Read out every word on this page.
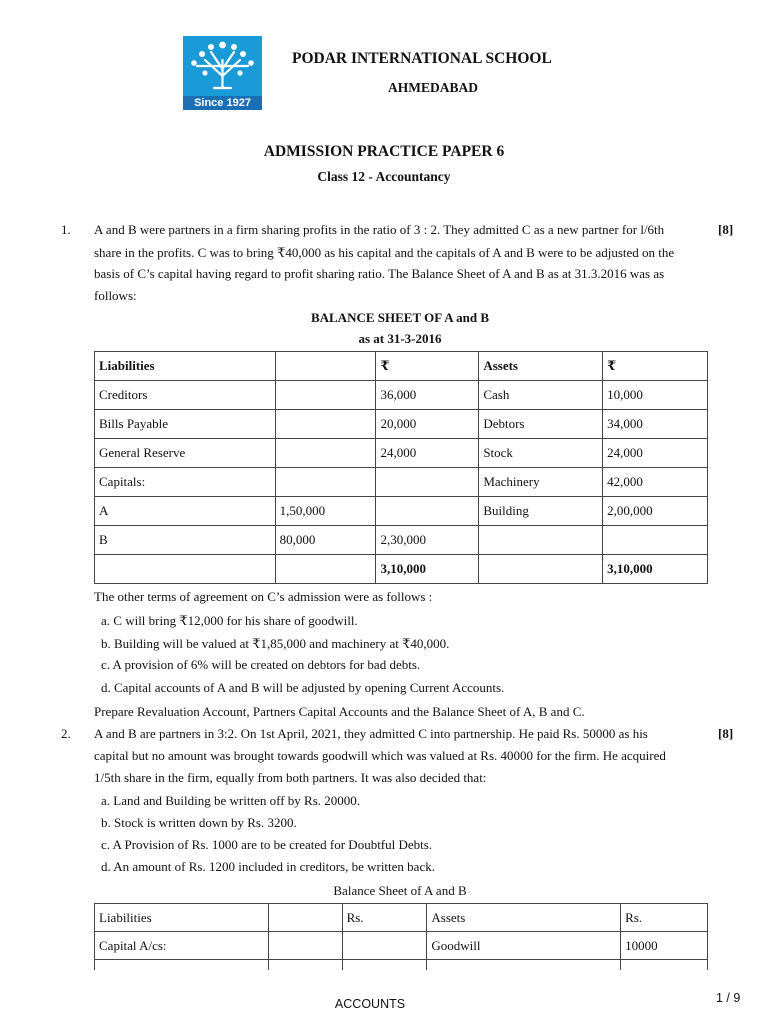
Since 1927
PODAR INTERNATIONAL SCHOOL
AHMEDABAD
ADMISSION PRACTICE PAPER 6
Class 12 - Accountancy
1.	[8]
A and B were partners in a firm sharing profits in the ratio of 3 : 2. They admitted C as a new partner for l/6th
share in the profits. C was to bring ₹40,000 as his capital and the capitals of A and B were to be adjusted on the
basis of C’s capital having regard to profit sharing ratio. The Balance Sheet of A and B as at 31.3.2016 was as
follows:
BALANCE SHEET OF A and B
as at 31-3-2016
Liabilities		₹	Assets	₹
Creditors		36,000	Cash	10,000
Bills Payable		20,000	Debtors	34,000
General Reserve		24,000	Stock	24,000
Capitals:			Machinery	42,000
A	1,50,000		Building	2,00,000
B	80,000	2,30,000		
		3,10,000		3,10,000
The other terms of agreement on C’s admission were as follows :
a. C will bring ₹12,000 for his share of goodwill.
b. Building will be valued at ₹1,85,000 and machinery at ₹40,000.
c. A provision of 6% will be created on debtors for bad debts.
d. Capital accounts of A and B will be adjusted by opening Current Accounts.
Prepare Revaluation Account, Partners Capital Accounts and the Balance Sheet of A, B and C.
2.	[8]
A and B are partners in 3:2. On 1st April, 2021, they admitted C into partnership. He paid Rs. 50000 as his
capital but no amount was brought towards goodwill which was valued at Rs. 40000 for the firm. He acquired
1/5th share in the firm, equally from both partners. It was also decided that:
a. Land and Building be written off by Rs. 20000.
b. Stock is written down by Rs. 3200.
c. A Provision of Rs. 1000 are to be created for Doubtful Debts.
d. An amount of Rs. 1200 included in creditors, be written back.
Balance Sheet of A and B
Liabilities		Rs.	Assets	Rs.
Capital A/cs:			Goodwill	10000

ACCOUNTS	1 / 9
